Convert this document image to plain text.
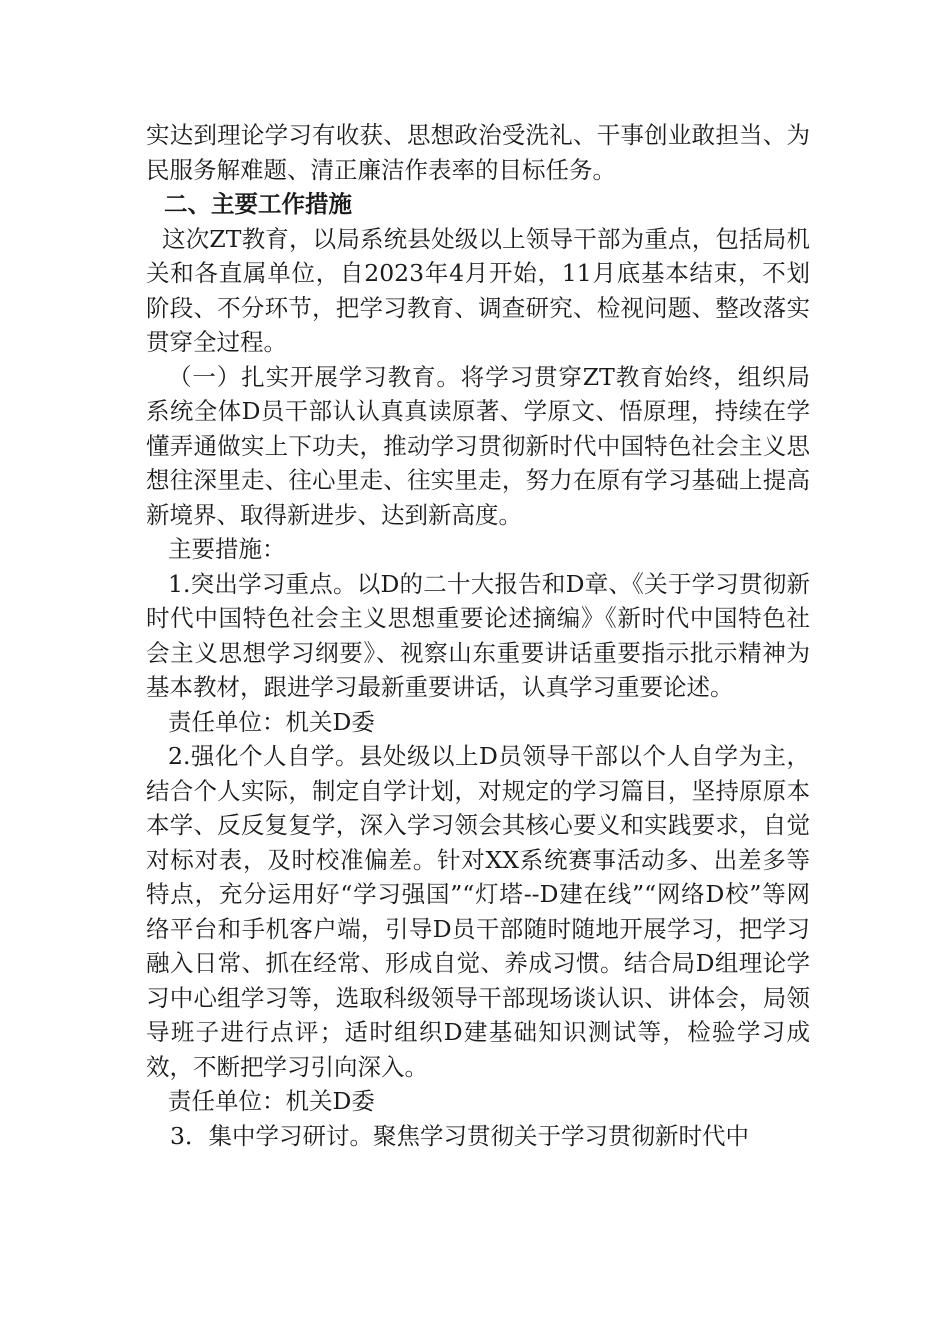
实达到理论学习有收获、思想政治受洗礼、干事创业敢担当、为民服务解难题、清正廉洁作表率的目标任务。

二、主要工作措施

这次ZT教育，以局系统县处级以上领导干部为重点，包括局机关和各直属单位，自2023年4月开始，11月底基本结束，不划阶段、不分环节，把学习教育、调查研究、检视问题、整改落实贯穿全过程。

（一）扎实开展学习教育。将学习贯穿ZT教育始终，组织局系统全体D员干部认认真真读原著、学原文、悟原理，持续在学懂弄通做实上下功夫，推动学习贯彻新时代中国特色社会主义思想往深里走、往心里走、往实里走，努力在原有学习基础上提高新境界、取得新进步、达到新高度。

主要措施：

1.突出学习重点。以D的二十大报告和D章、《关于学习贯彻新时代中国特色社会主义思想重要论述摘编》《新时代中国特色社会主义思想学习纲要》、视察山东重要讲话重要指示批示精神为基本教材，跟进学习最新重要讲话，认真学习重要论述。

责任单位：机关D委

2.强化个人自学。县处级以上D员领导干部以个人自学为主，结合个人实际，制定自学计划，对规定的学习篇目，坚持原原本本学、反反复复学，深入学习领会其核心要义和实践要求，自觉对标对表，及时校准偏差。针对XX系统赛事活动多、出差多等特点，充分运用好“学习强国”“灯塔--D建在线”“网络D校”等网络平台和手机客户端，引导D员干部随时随地开展学习，把学习融入日常、抓在经常、形成自觉、养成习惯。结合局D组理论学习中心组学习等，选取科级领导干部现场谈认识、讲体会，局领导班子进行点评；适时组织D建基础知识测试等，检验学习成效，不断把学习引向深入。

责任单位：机关D委

3．集中学习研讨。聚焦学习贯彻关于学习贯彻新时代中
